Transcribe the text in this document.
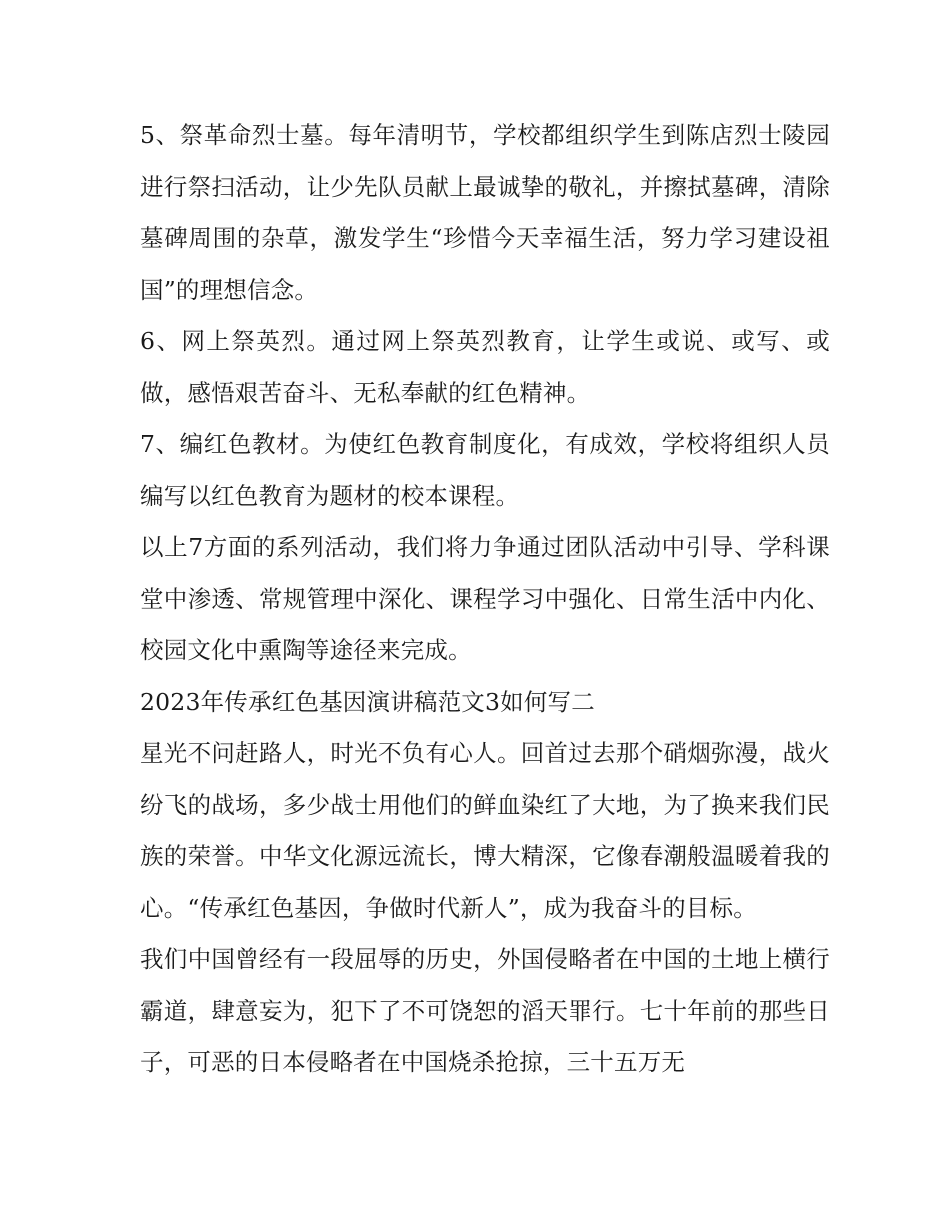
5、祭革命烈士墓。每年清明节，学校都组织学生到陈店烈士陵园进行祭扫活动，让少先队员献上最诚挚的敬礼，并擦拭墓碑，清除墓碑周围的杂草，激发学生“珍惜今天幸福生活，努力学习建设祖国”的理想信念。

6、网上祭英烈。通过网上祭英烈教育，让学生或说、或写、或做，感悟艰苦奋斗、无私奉献的红色精神。

7、编红色教材。为使红色教育制度化，有成效，学校将组织人员编写以红色教育为题材的校本课程。

以上7方面的系列活动，我们将力争通过团队活动中引导、学科课堂中渗透、常规管理中深化、课程学习中强化、日常生活中内化、校园文化中熏陶等途径来完成。

2023年传承红色基因演讲稿范文3如何写二

星光不问赶路人，时光不负有心人。回首过去那个硝烟弥漫，战火纷飞的战场，多少战士用他们的鲜血染红了大地，为了换来我们民族的荣誉。中华文化源远流长，博大精深，它像春潮般温暖着我的心。“传承红色基因，争做时代新人”，成为我奋斗的目标。

我们中国曾经有一段屈辱的历史，外国侵略者在中国的土地上横行霸道，肆意妄为，犯下了不可饶恕的滔天罪行。七十年前的那些日子，可恶的日本侵略者在中国烧杀抢掠，三十五万无
